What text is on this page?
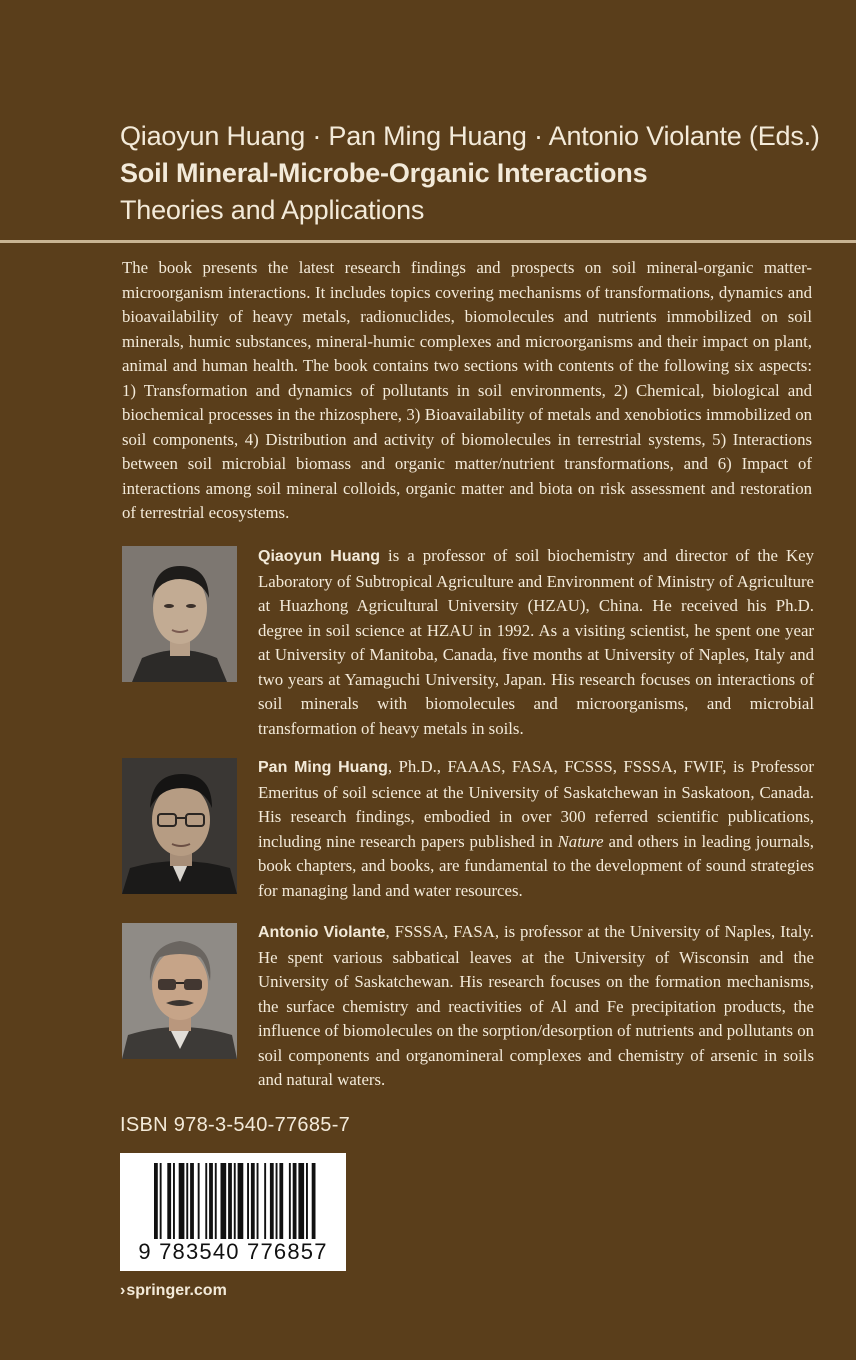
Qiaoyun Huang · Pan Ming Huang · Antonio Violante (Eds.)
Soil Mineral-Microbe-Organic Interactions
Theories and Applications
The book presents the latest research findings and prospects on soil mineral-organic matter-microorganism interactions. It includes topics covering mechanisms of transformations, dynamics and bioavailability of heavy metals, radionuclides, biomolecules and nutrients immobilized on soil minerals, humic substances, mineral-humic complexes and microorganisms and their impact on plant, animal and human health. The book contains two sections with contents of the following six aspects: 1) Transformation and dynamics of pollutants in soil environments, 2) Chemical, biological and biochemical processes in the rhizosphere, 3) Bioavailability of metals and xenobiotics immobilized on soil components, 4) Distribution and activity of biomolecules in terrestrial systems, 5) Interactions between soil microbial biomass and organic matter/nutrient transformations, and 6) Impact of interactions among soil mineral colloids, organic matter and biota on risk assessment and restoration of terrestrial ecosystems.
Qiaoyun Huang is a professor of soil biochemistry and director of the Key Laboratory of Subtropical Agriculture and Environment of Ministry of Agriculture at Huazhong Agricultural University (HZAU), China. He received his Ph.D. degree in soil science at HZAU in 1992. As a visiting scientist, he spent one year at University of Manitoba, Canada, five months at University of Naples, Italy and two years at Yamaguchi University, Japan. His research focuses on interactions of soil minerals with biomolecules and microorganisms, and microbial transformation of heavy metals in soils.
Pan Ming Huang, Ph.D., FAAAS, FASA, FCSSS, FSSSA, FWIF, is Professor Emeritus of soil science at the University of Saskatchewan in Saskatoon, Canada. His research findings, embodied in over 300 referred scientific publications, including nine research papers published in Nature and others in leading journals, book chapters, and books, are fundamental to the development of sound strategies for managing land and water resources.
Antonio Violante, FSSSA, FASA, is professor at the University of Naples, Italy. He spent various sabbatical leaves at the University of Wisconsin and the University of Saskatchewan. His research focuses on the formation mechanisms, the surface chemistry and reactivities of Al and Fe precipitation products, the influence of biomolecules on the sorption/desorption of nutrients and pollutants on soil components and organomineral complexes and chemistry of arsenic in soils and natural waters.
ISBN 978-3-540-77685-7
9 783540 776857
›springer.com
